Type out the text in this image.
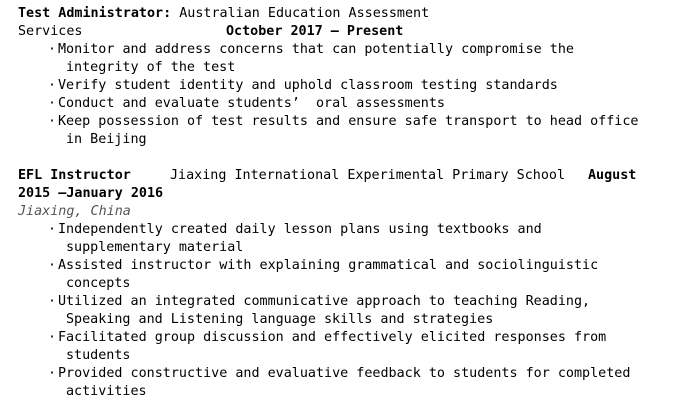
Test Administrator: Australian Education Assessment
Services	October 2017 – Present
· Monitor and address concerns that can potentially compromise the
integrity of the test
· Verify student identity and uphold classroom testing standards
· Conduct and evaluate students’  oral assessments
· Keep possession of test results and ensure safe transport to head office
in Beijing
EFL Instructor	Jiaxing International Experimental Primary School August
2015 –January 2016
Jiaxing, China
· Independently created daily lesson plans using textbooks and
supplementary material
· Assisted instructor with explaining grammatical and sociolinguistic
concepts
· Utilized an integrated communicative approach to teaching Reading,
Speaking and Listening language skills and strategies
· Facilitated group discussion and effectively elicited responses from
students
· Provided constructive and evaluative feedback to students for completed
activities
